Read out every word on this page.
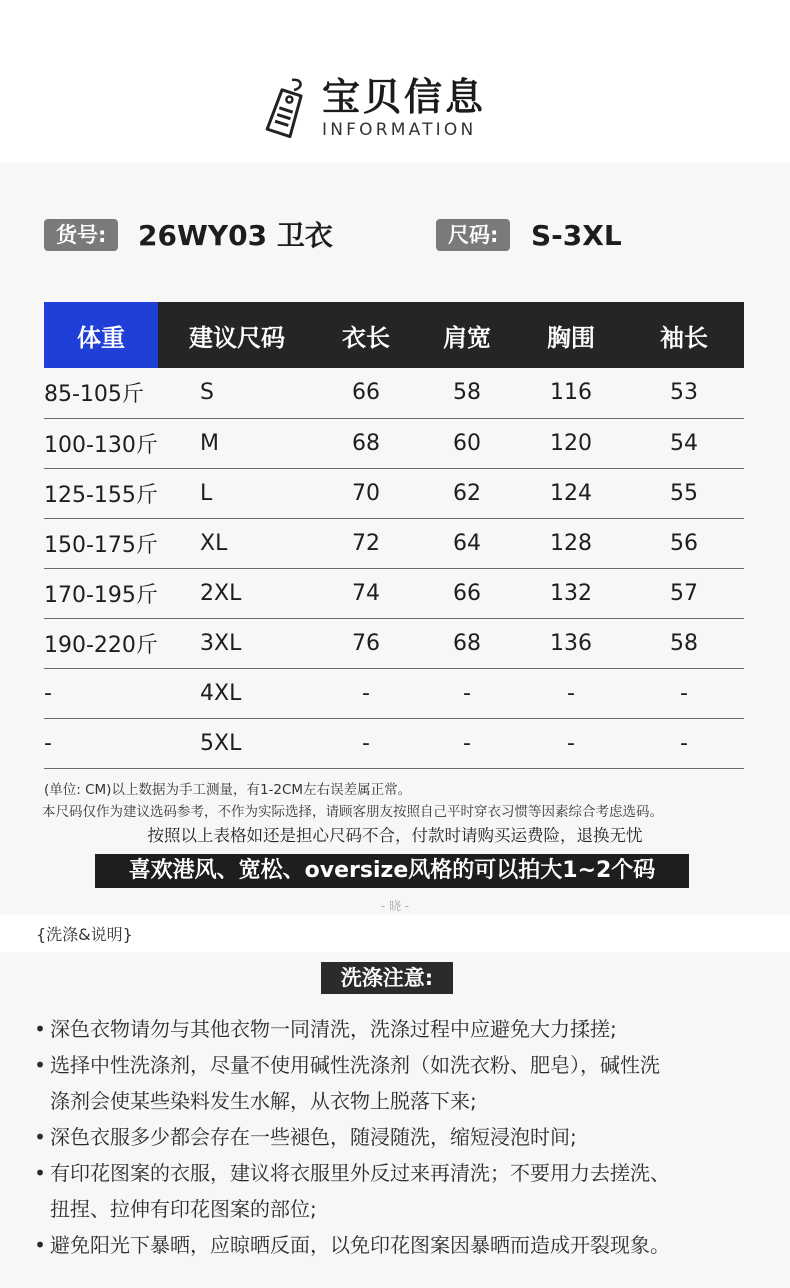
宝贝信息
INFORMATION
货号:	26WY03 卫衣	尺码:	S-3XL
体重	建议尺码	衣长	肩宽	胸围	袖长
85-105斤	S	66	58	116	53
100-130斤	M	68	60	120	54
125-155斤	L	70	62	124	55
150-175斤	XL	72	64	128	56
170-195斤	2XL	74	66	132	57
190-220斤	3XL	76	68	136	58
-	4XL	-	-	-	-
-	5XL	-	-	-	-
(单位: CM)以上数据为手工测量，有1-2CM左右误差属正常。
本尺码仅作为建议选码参考，不作为实际选择，请顾客朋友按照自己平时穿衣习惯等因素综合考虑选码。
按照以上表格如还是担心尺码不合，付款时请购买运费险，退换无忧
喜欢港风、宽松、oversize风格的可以拍大1~2个码
- 晓 -
{洗涤&说明}
洗涤注意:
• 深色衣物请勿与其他衣物一同清洗，洗涤过程中应避免大力揉搓;
• 选择中性洗涤剂，尽量不使用碱性洗涤剂（如洗衣粉、肥皂），碱性洗
涤剂会使某些染料发生水解，从衣物上脱落下来;
• 深色衣服多少都会存在一些褪色，随浸随洗，缩短浸泡时间;
• 有印花图案的衣服，建议将衣服里外反过来再清洗；不要用力去搓洗、
扭捏、拉伸有印花图案的部位;
• 避免阳光下暴晒，应晾晒反面，以免印花图案因暴晒而造成开裂现象。
